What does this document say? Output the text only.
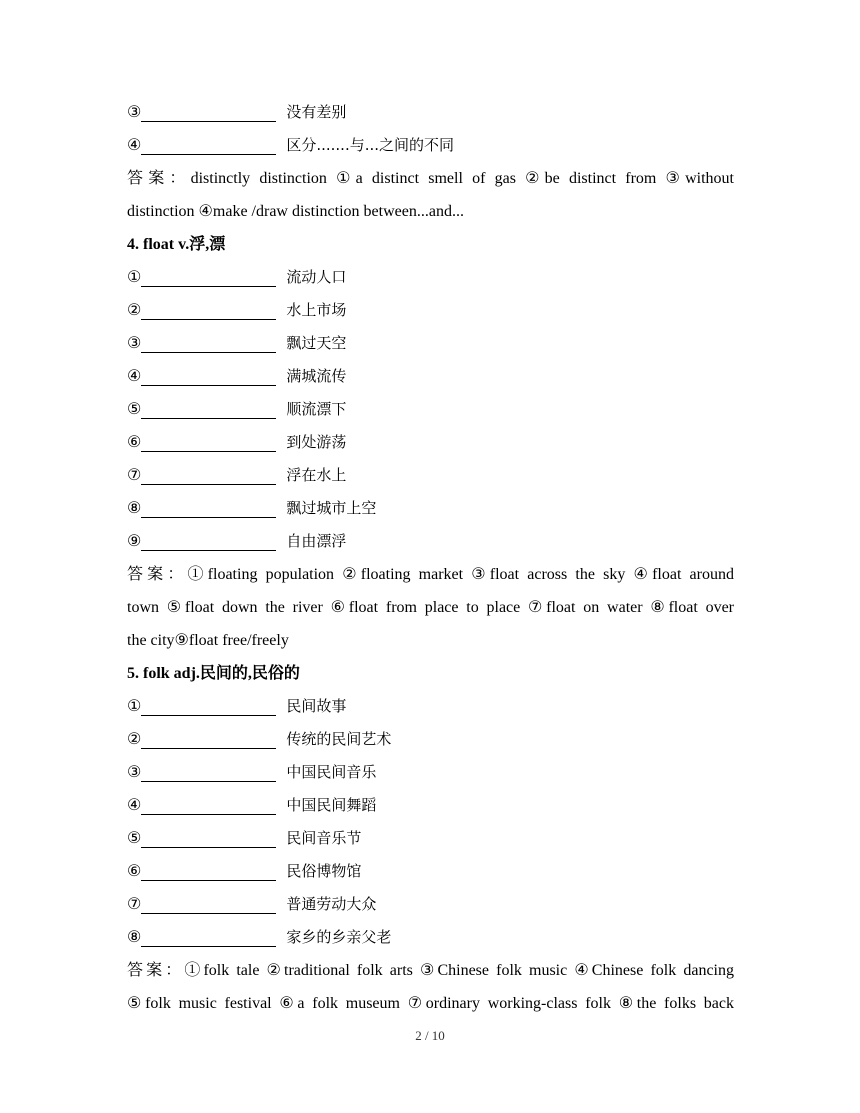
③	没有差别
④	区分.......与...之间的不同
答案：distinctly distinction ①a distinct smell of gas ②be distinct from ③without
distinction ④make /draw distinction between...and...
4. float v.浮,漂
①	流动人口
②	水上市场
③	飘过天空
④	满城流传
⑤	顺流漂下
⑥	到处游荡
⑦	浮在水上
⑧	飘过城市上空
⑨	自由漂浮
答案：①floating population ②floating market ③float across the sky ④float around
town ⑤float down the river ⑥float from place to place ⑦float on water ⑧float over
the city⑨float free/freely
5. folk adj.民间的,民俗的
①	民间故事
②	传统的民间艺术
③	中国民间音乐
④	中国民间舞蹈
⑤	民间音乐节
⑥	民俗博物馆
⑦	普通劳动大众
⑧	家乡的乡亲父老
答案：①folk tale ②traditional folk arts ③Chinese folk music ④Chinese folk dancing
⑤folk music festival ⑥a folk museum ⑦ordinary working-class folk ⑧the folks back
2 / 10
